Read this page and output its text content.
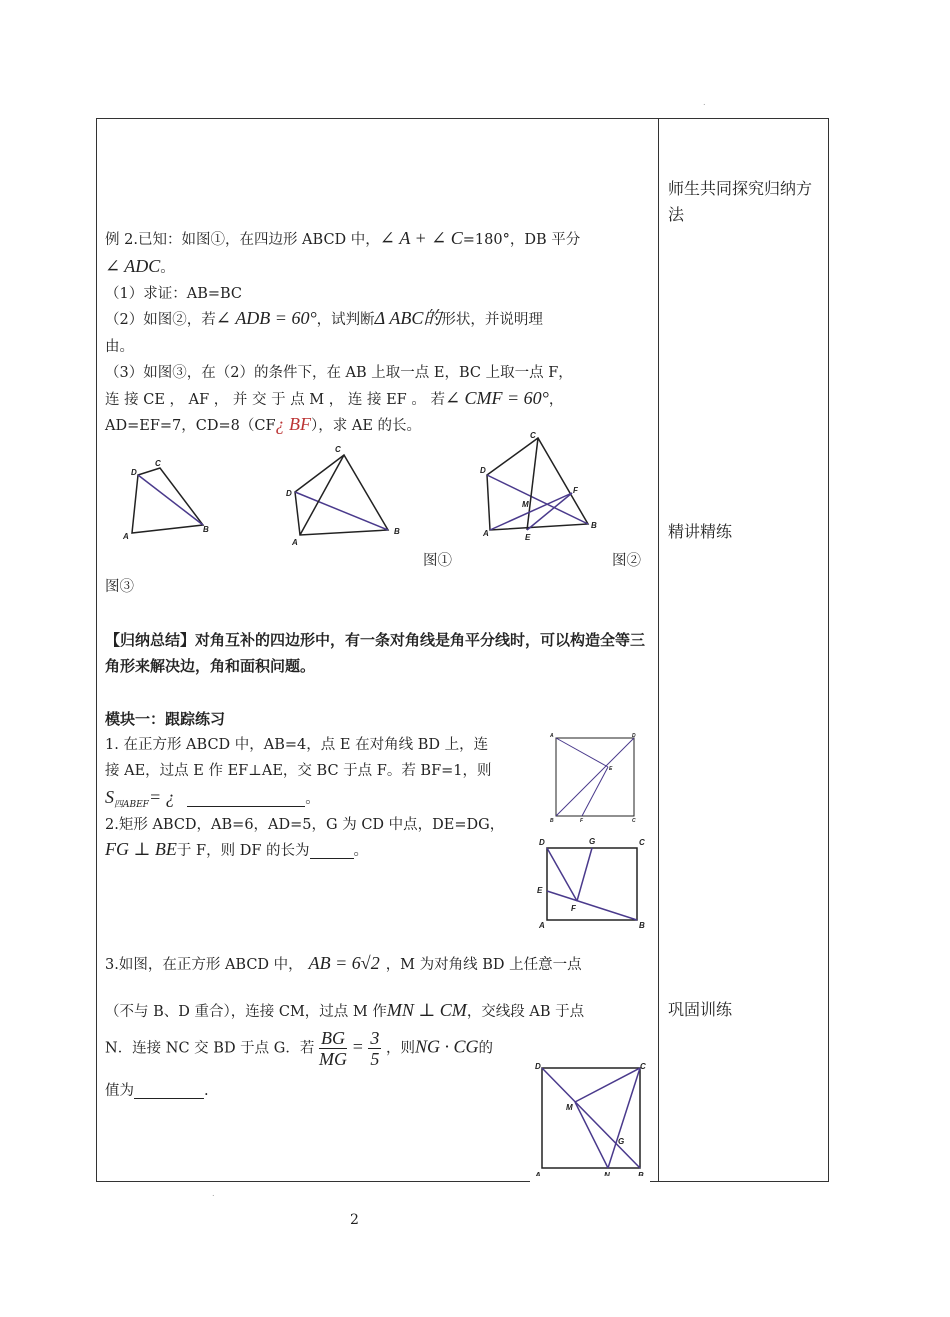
.
师生共同探究归纳方法
精讲精练
巩固训练
例 2.已知：如图①，在四边形 ABCD 中，∠ A + ∠ C=180°，DB 平分
∠ ADC。
（1）求证：AB=BC
（2）如图②，若∠ ADB = 60°，试判断Δ ABC的形状，并说明理
由。
（3）如图③，在（2）的条件下，在 AB 上取一点 E，BC 上取一点 F，
连 接 CE ， AF ， 并 交 于 点 M ， 连 接 EF 。 若∠ CMF = 60°，
AD=EF=7，CD=8（CF¿ BF），求 AE 的长。
D
C
B
A
D
C
B
A
D
C
B
A
F
M
E
图①	图②
图③
【归纳总结】对角互补的四边形中，有一条对角线是角平分线时，可以构造全等三角形来解决边，角和面积问题。
模块一：跟踪练习
1. 在正方形 ABCD 中，AB=4，点 E 在对角线 BD 上，连
接 AE，过点 E 作 EF⊥AE，交 BC 于点 F。若 BF=1，则
$S_{四ABEF}=$ ¿	。
A	D
B	C
E
F
2.矩形 ABCD，AB=6，AD=5，G 为 CD 中点，DE=DG，
FG ⊥ BE于 F，则 DF 的长为	。
D	G	C
E
F
A	B
3.如图，在正方形 ABCD 中， AB = 6√2 ，M 为对角线 BD 上任意一点
（不与 B、D 重合），连接 CM，过点 M 作MN ⊥ CM，交线段 AB 于点
N．连接 NC 交 BD 于点 G．若 $\frac{BG}{MG} = \frac{3}{5}$ ，则NG · CG的
值为	.
D	C
M
G
.
2
